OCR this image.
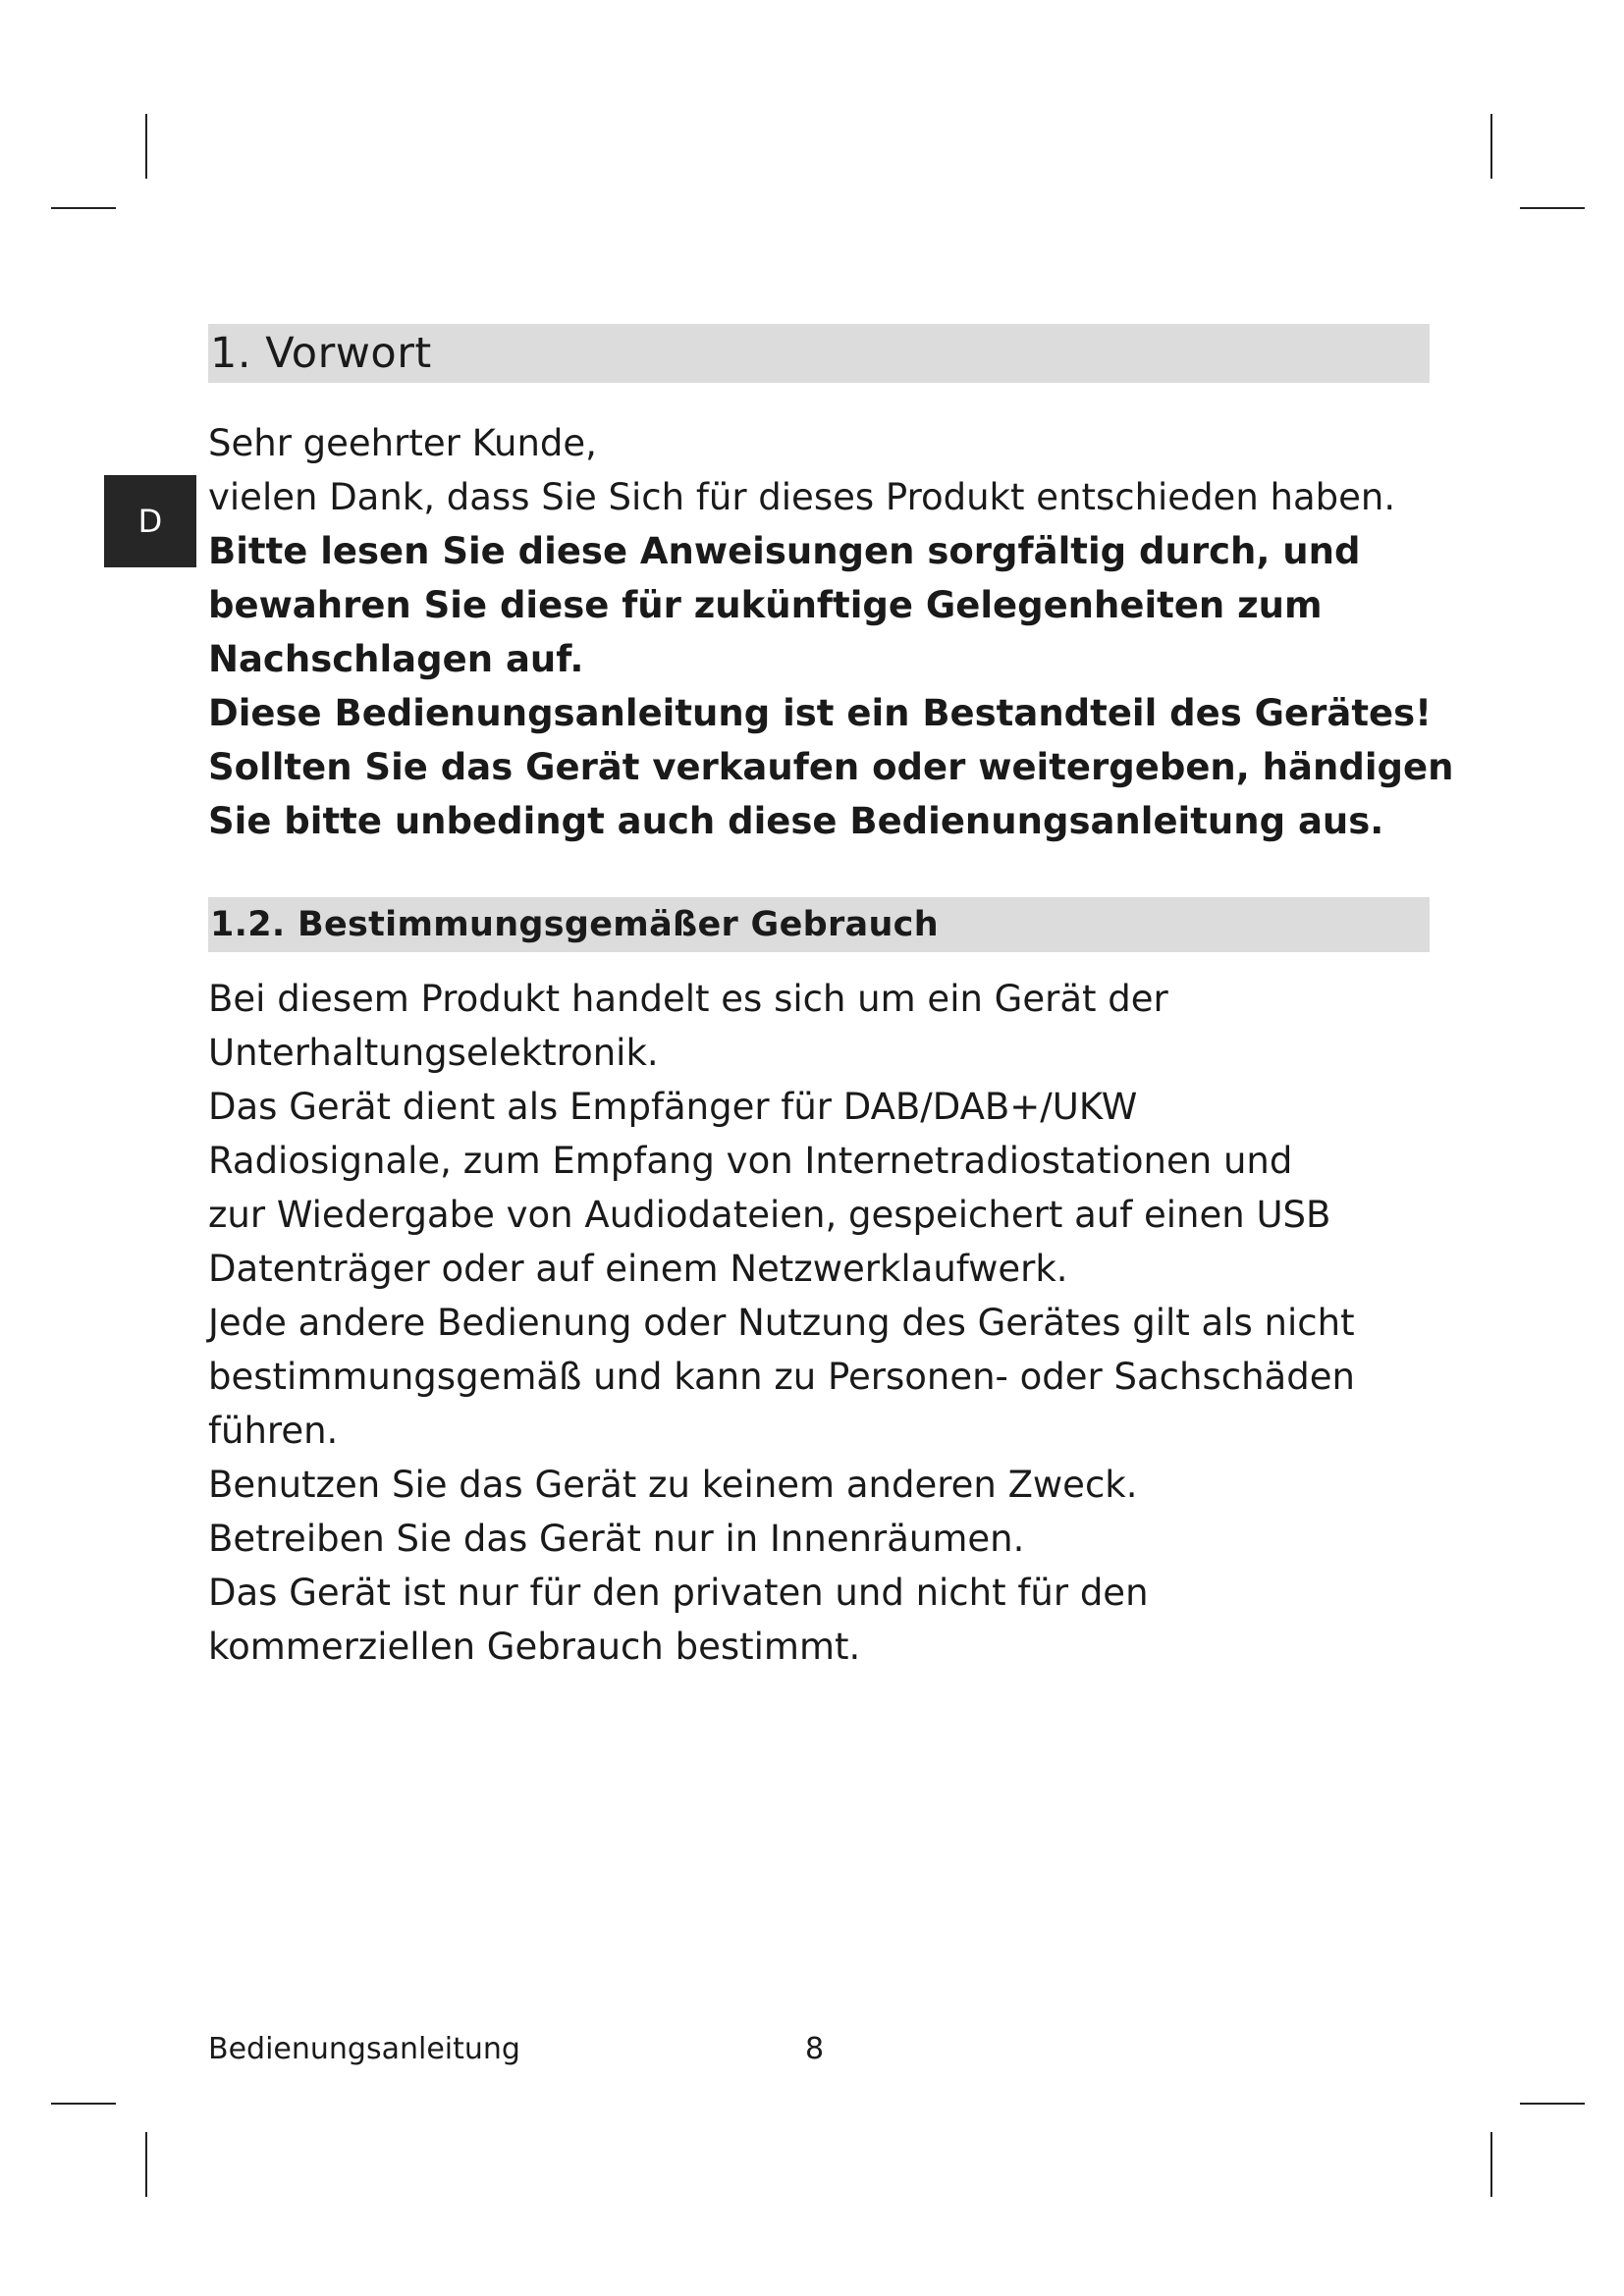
D
1. Vorwort

Sehr geehrter Kunde,
vielen Dank, dass Sie Sich für dieses Produkt entschieden haben.
Bitte lesen Sie diese Anweisungen sorgfältig durch, und
bewahren Sie diese für zukünftige Gelegenheiten zum
Nachschlagen auf.
Diese Bedienungsanleitung ist ein Bestandteil des Gerätes!
Sollten Sie das Gerät verkaufen oder weitergeben, händigen
Sie bitte unbedingt auch diese Bedienungsanleitung aus.

1.2. Bestimmungsgemäßer Gebrauch

Bei diesem Produkt handelt es sich um ein Gerät der
Unterhaltungselektronik.
Das Gerät dient als Empfänger für DAB/DAB+/UKW
Radiosignale, zum Empfang von Internetradiostationen und
zur Wiedergabe von Audiodateien, gespeichert auf einen USB
Datenträger oder auf einem Netzwerklaufwerk.
Jede andere Bedienung oder Nutzung des Gerätes gilt als nicht
bestimmungsgemäß und kann zu Personen- oder Sachschäden
führen.
Benutzen Sie das Gerät zu keinem anderen Zweck.
Betreiben Sie das Gerät nur in Innenräumen.
Das Gerät ist nur für den privaten und nicht für den
kommerziellen Gebrauch bestimmt.

Bedienungsanleitung	8
